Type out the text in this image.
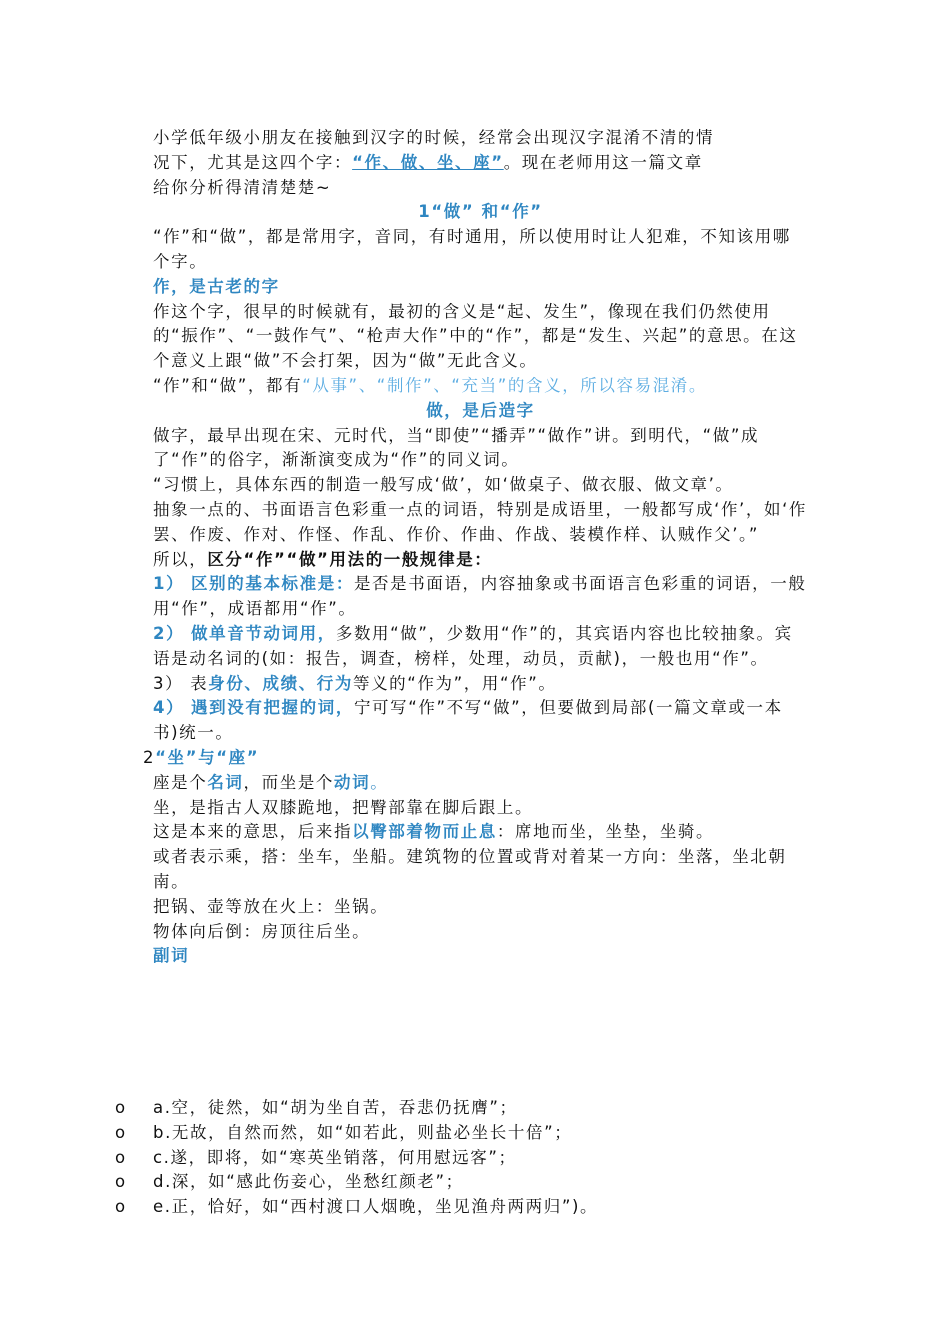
小学低年级小朋友在接触到汉字的时候，经常会出现汉字混淆不清的情
况下，尤其是这四个字：“作、做、坐、座”。现在老师用这一篇文章
给你分析得清清楚楚~

1“做” 和“作”

“作”和“做”，都是常用字，音同，有时通用，所以使用时让人犯难，不知该用哪个字。

作，是古老的字

作这个字，很早的时候就有，最初的含义是“起、发生”，像现在我们仍然使用的“振作”、“一鼓作气”、“枪声大作”中的“作”，都是“发生、兴起”的意思。在这个意义上跟“做”不会打架，因为“做”无此含义。

“作”和“做”，都有“从事”、“制作”、“充当”的含义，所以容易混淆。

做，是后造字

做字，最早出现在宋、元时代，当“即使”“播弄”“做作”讲。到明代，“做”成了“作”的俗字，渐渐演变成为“作”的同义词。

“习惯上，具体东西的制造一般写成‘做’，如‘做桌子、做衣服、做文章’。

抽象一点的、书面语言色彩重一点的词语，特别是成语里，一般都写成‘作’，如‘作罢、作废、作对、作怪、作乱、作价、作曲、作战、装模作样、认贼作父’。”

所以，区分“作”“做”用法的一般规律是：

1） 区别的基本标准是：是否是书面语，内容抽象或书面语言色彩重的词语，一般用“作”，成语都用“作”。

2） 做单音节动词用，多数用“做”，少数用“作”的，其宾语内容也比较抽象。宾语是动名词的(如：报告，调查，榜样，处理，动员，贡献)，一般也用“作”。

3） 表身份、成绩、行为等义的“作为”，用“作”。

4） 遇到没有把握的词，宁可写“作”不写“做”，但要做到局部(一篇文章或一本书)统一。

2“坐”与“座”

座是个名词，而坐是个动词。

坐，是指古人双膝跪地，把臀部靠在脚后跟上。

这是本来的意思，后来指以臀部着物而止息：席地而坐，坐垫，坐骑。

或者表示乘，搭：坐车，坐船。建筑物的位置或背对着某一方向：坐落，坐北朝南。

把锅、壶等放在火上：坐锅。

物体向后倒：房顶往后坐。

副词

o	a.空，徒然，如“胡为坐自苦，吞悲仍抚膺”；
o	b.无故，自然而然，如“如若此，则盐必坐长十倍”；
o	c.遂，即将，如“寒英坐销落，何用慰远客”；
o	d.深，如“感此伤妾心，坐愁红颜老”；
o	e.正，恰好，如“西村渡口人烟晚，坐见渔舟两两归”)。
